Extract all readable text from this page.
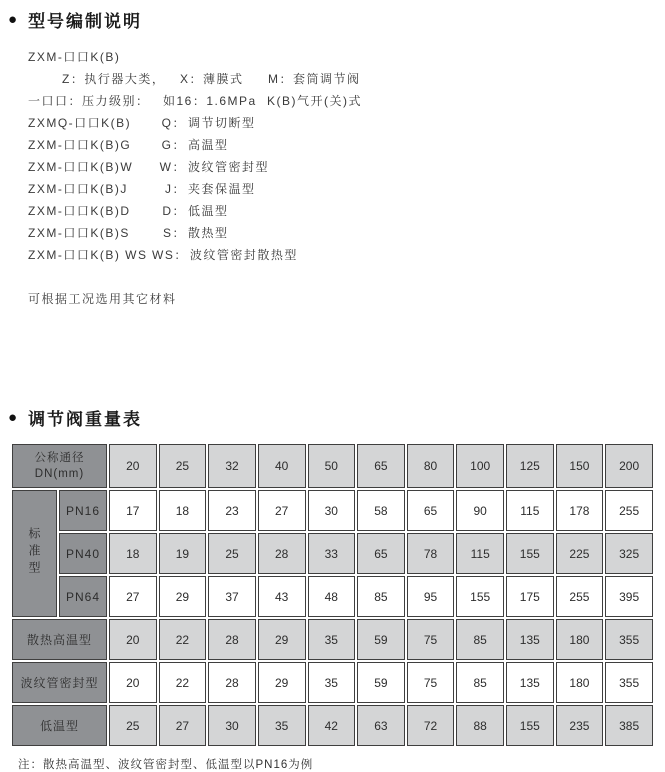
● 型号编制说明
ZXM-口口K(B)
Z：执行器大类，	X：薄膜式	M：套筒调节阀
一口口：压力级别：	如16：1.6MPa K(B)气开(关)式
ZXMQ-口口K(B)	Q： 调节切断型
ZXM-口口K(B)G	G： 高温型
ZXM-口口K(B)W	W： 波纹管密封型
ZXM-口口K(B)J	J： 夹套保温型
ZXM-口口K(B)D	D： 低温型
ZXM-口口K(B)S	S： 散热型
ZXM-口口K(B) WS WS： 波纹管密封散热型
可根据工况选用其它材料
● 调节阀重量表
公称通径
DN(mm)		20	25	32	40	50	65	80	100	125	150	200
标准型	PN16	17	18	23	27	30	58	65	90	115	178	255
	PN40	18	19	25	28	33	65	78	115	155	225	325
	PN64	27	29	37	43	48	85	95	155	175	255	395
散热高温型		20	22	28	29	35	59	75	85	135	180	355
波纹管密封型		20	22	28	29	35	59	75	85	135	180	355
低温型		25	27	30	35	42	63	72	88	155	235	385
注：散热高温型、波纹管密封型、低温型以PN16为例
